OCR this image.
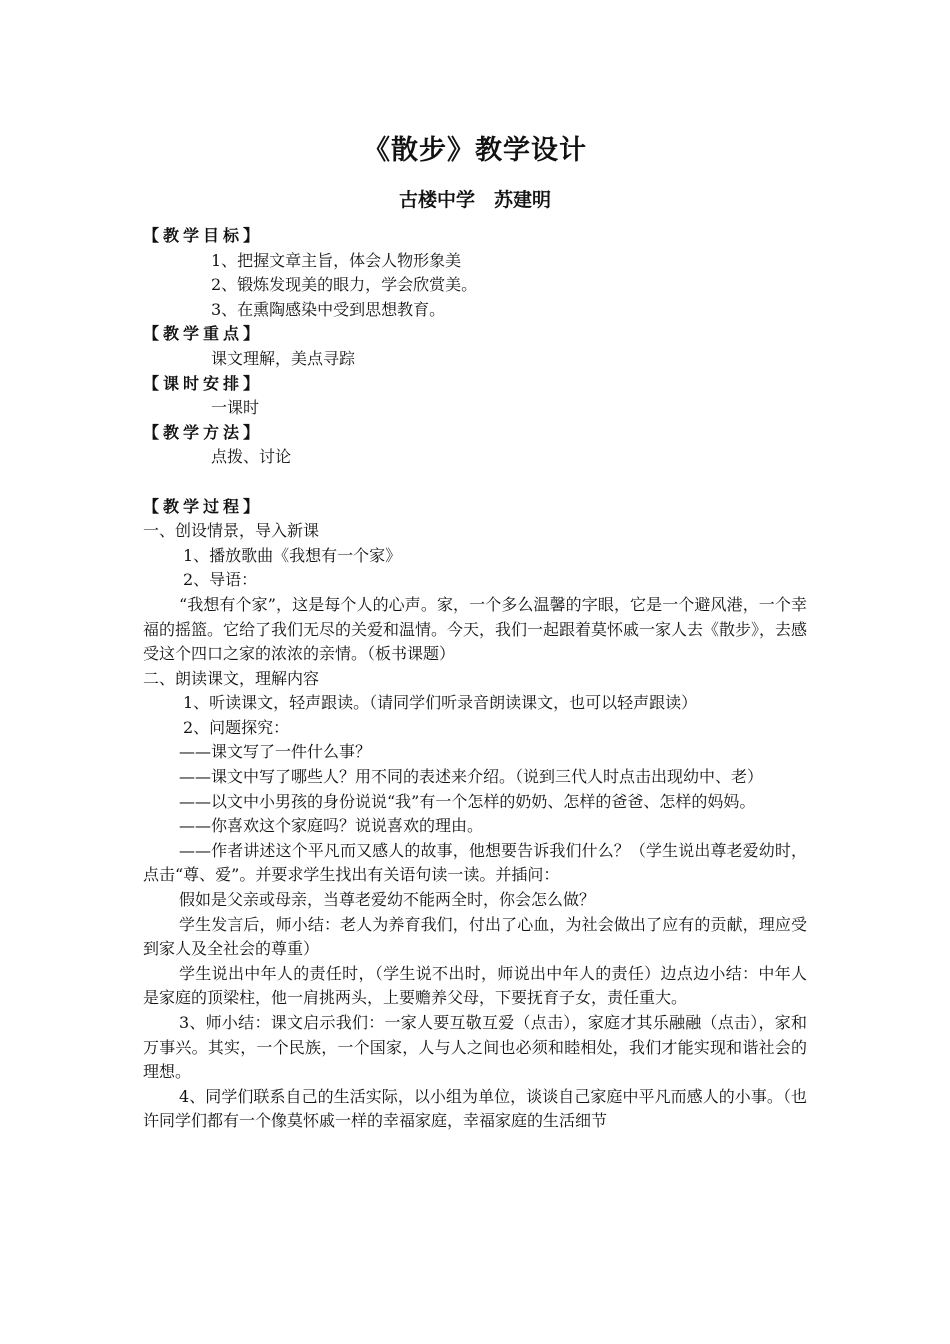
《散步》教学设计
古楼中学　苏建明
【教学目标】
1、把握文章主旨，体会人物形象美
2、锻炼发现美的眼力，学会欣赏美。
3、在熏陶感染中受到思想教育。
【教学重点】
课文理解，美点寻踪
【课时安排】
一课时
【教学方法】
点拨、讨论
【教学过程】
一、创设情景，导入新课
1、播放歌曲《我想有一个家》
2、导语：
“我想有个家”，这是每个人的心声。家，一个多么温馨的字眼，它是一个避风港，一个幸福的摇篮。它给了我们无尽的关爱和温情。今天，我们一起跟着莫怀戚一家人去《散步》，去感受这个四口之家的浓浓的亲情。（板书课题）
二、朗读课文，理解内容
1、听读课文，轻声跟读。（请同学们听录音朗读课文，也可以轻声跟读）
2、问题探究：
——课文写了一件什么事？
——课文中写了哪些人？用不同的表述来介绍。（说到三代人时点击出现幼中、老）
——以文中小男孩的身份说说“我”有一个怎样的奶奶、怎样的爸爸、怎样的妈妈。
——你喜欢这个家庭吗？说说喜欢的理由。
——作者讲述这个平凡而又感人的故事，他想要告诉我们什么？（学生说出尊老爱幼时，点击“尊、爱”。并要求学生找出有关语句读一读。并插问：
假如是父亲或母亲，当尊老爱幼不能两全时，你会怎么做？
学生发言后，师小结：老人为养育我们，付出了心血，为社会做出了应有的贡献，理应受到家人及全社会的尊重）
学生说出中年人的责任时，（学生说不出时，师说出中年人的责任）边点边小结：中年人是家庭的顶梁柱，他一肩挑两头，上要赡养父母，下要抚育子女，责任重大。
3、师小结：课文启示我们：一家人要互敬互爱（点击），家庭才其乐融融（点击），家和万事兴。其实，一个民族，一个国家，人与人之间也必须和睦相处，我们才能实现和谐社会的理想。
4、同学们联系自己的生活实际，以小组为单位，谈谈自己家庭中平凡而感人的小事。（也许同学们都有一个像莫怀戚一样的幸福家庭，幸福家庭的生活细节
